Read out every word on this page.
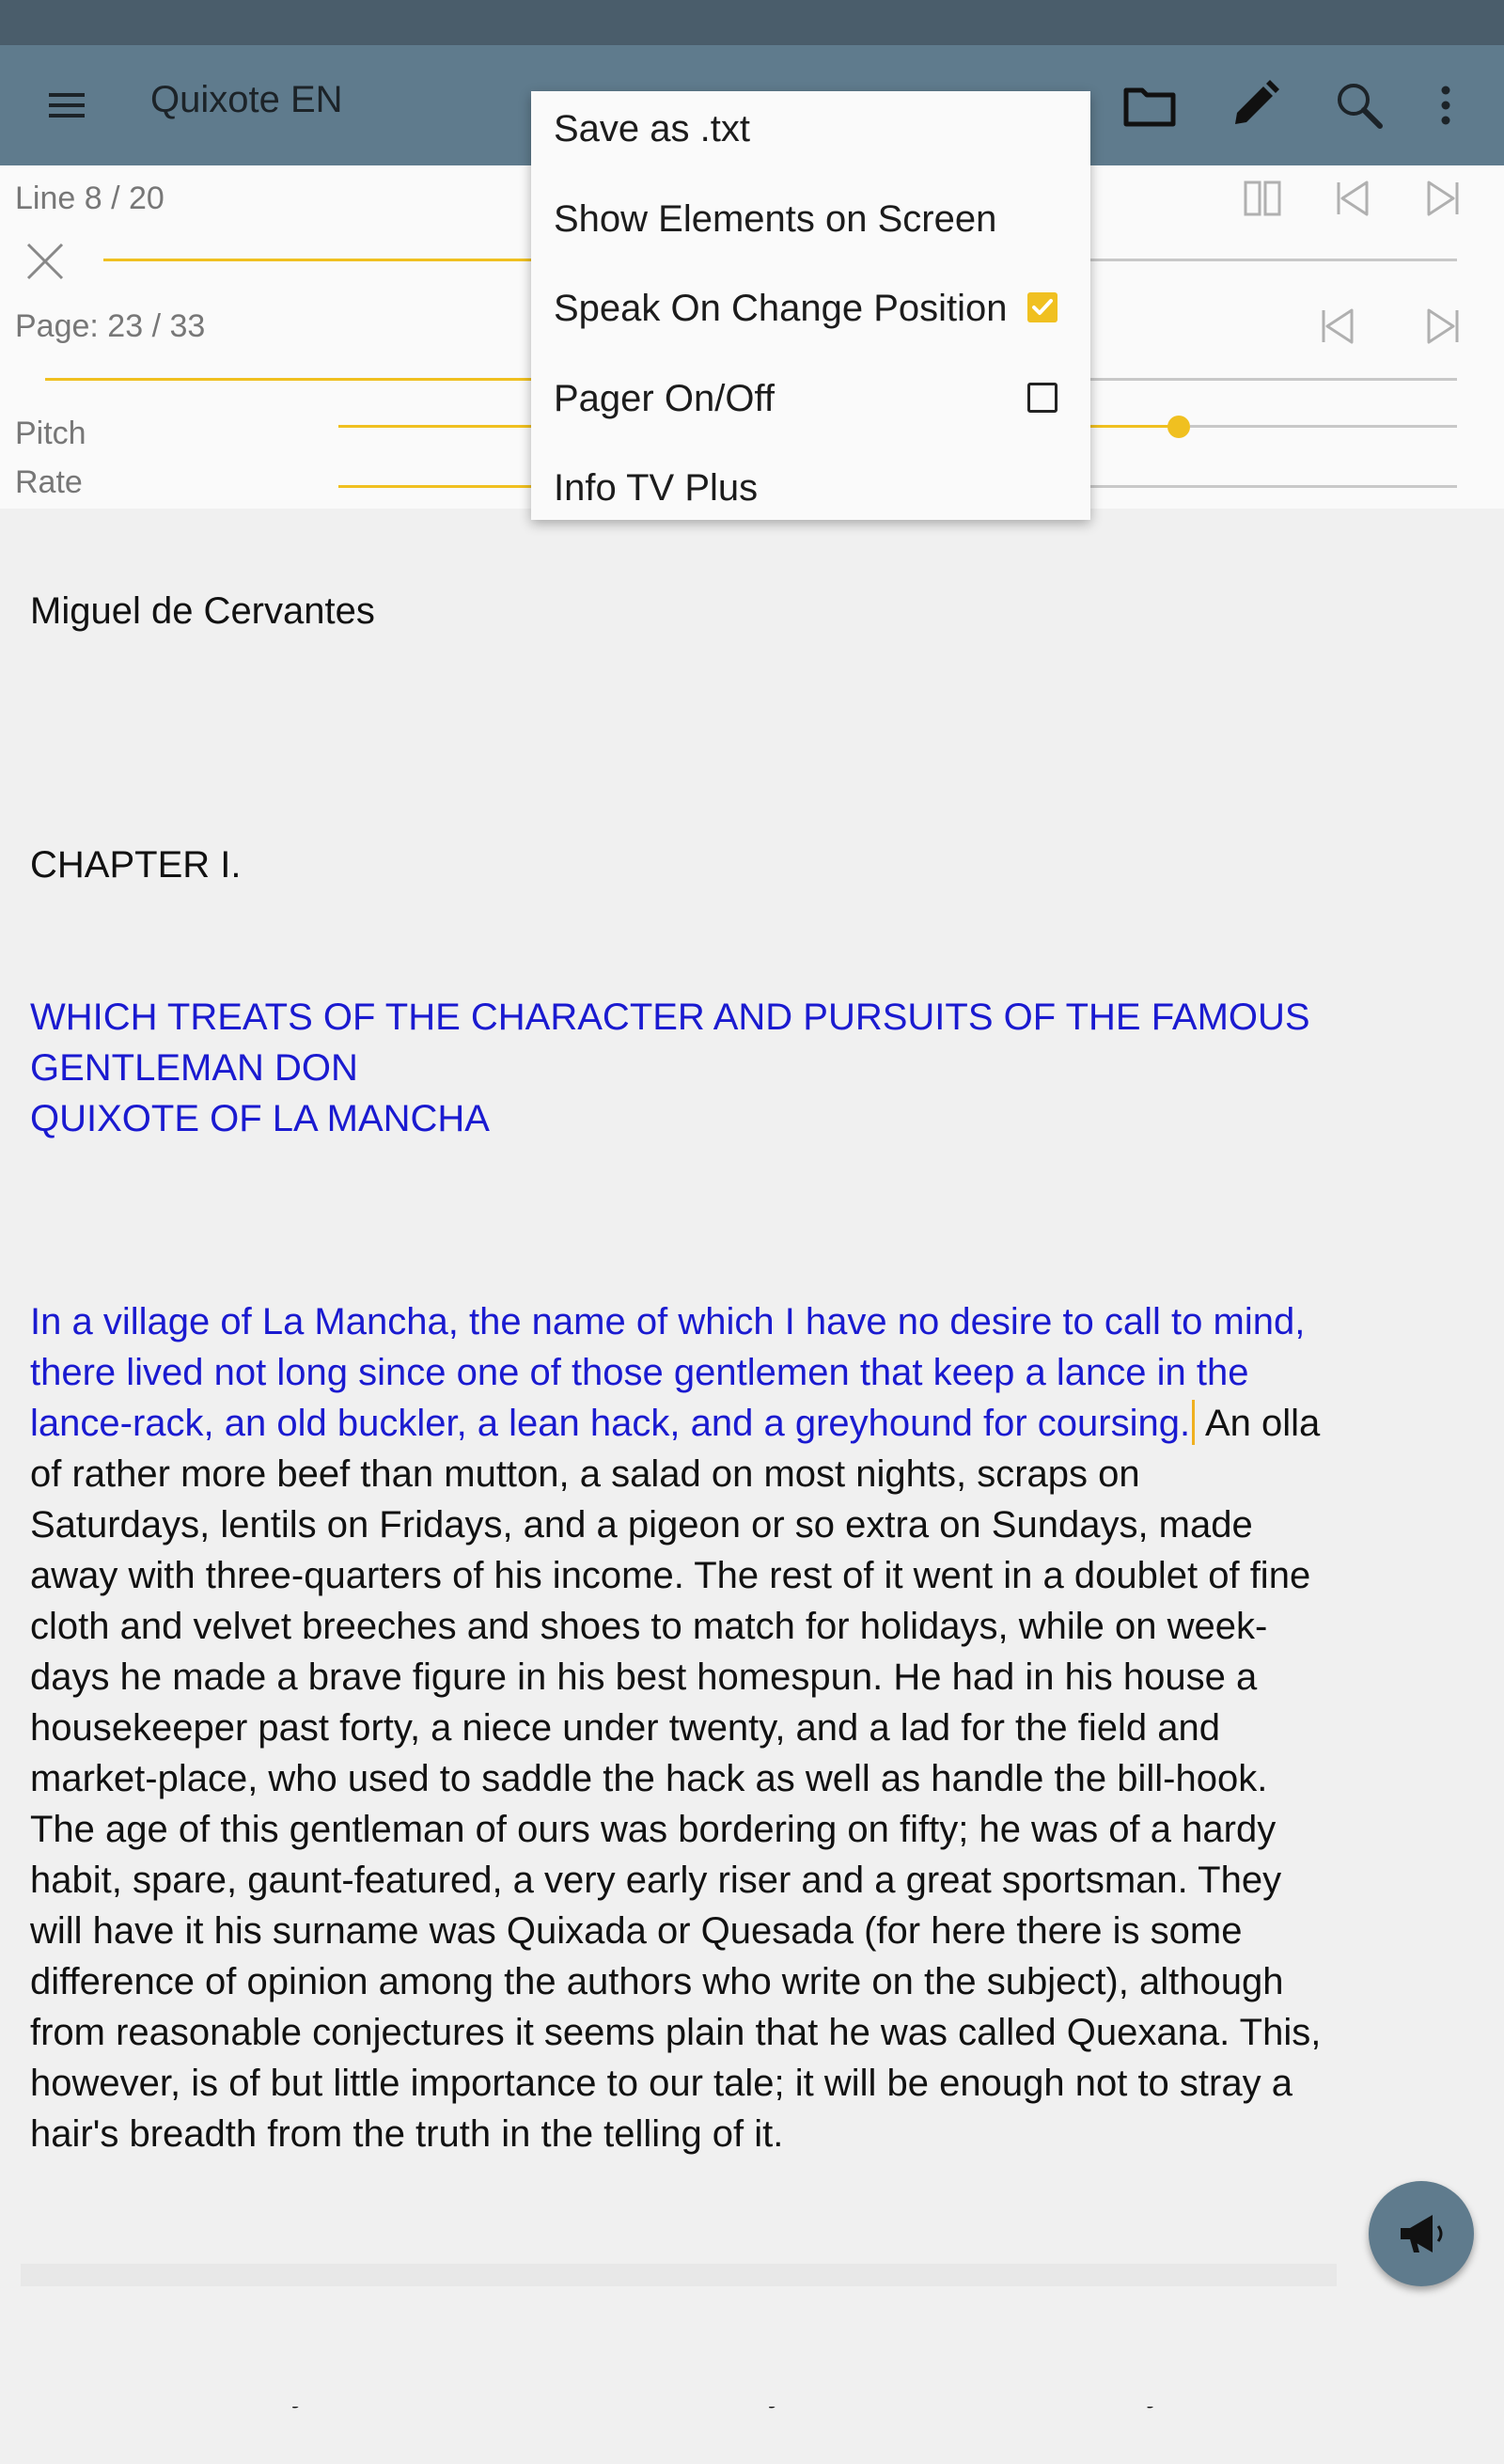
Quixote EN
Line 8 / 20
Page: 23 / 33
Pitch
Rate

Miguel de Cervantes

CHAPTER I.

WHICH TREATS OF THE CHARACTER AND PURSUITS OF THE FAMOUS
GENTLEMAN DON
QUIXOTE OF LA MANCHA

In a village of La Mancha, the name of which I have no desire to call to mind, there lived not long since one of those gentlemen that keep a lance in the lance-rack, an old buckler, a lean hack, and a greyhound for coursing. An olla of rather more beef than mutton, a salad on most nights, scraps on Saturdays, lentils on Fridays, and a pigeon or so extra on Sundays, made away with three-quarters of his income. The rest of it went in a doublet of fine cloth and velvet breeches and shoes to match for holidays, while on week-days he made a brave figure in his best homespun. He had in his house a housekeeper past forty, a niece under twenty, and a lad for the field and market-place, who used to saddle the hack as well as handle the bill-hook. The age of this gentleman of ours was bordering on fifty; he was of a hardy habit, spare, gaunt-featured, a very early riser and a great sportsman. They will have it his surname was Quixada or Quesada (for here there is some difference of opinion among the authors who write on the subject), although from reasonable conjectures it seems plain that he was called Quexana. This, however, is of but little importance to our tale; it will be enough not to stray a hair's breadth from the truth in the telling of it.

Save as .txt
Show Elements on Screen
Speak On Change Position
Pager On/Off
Info TV Plus
